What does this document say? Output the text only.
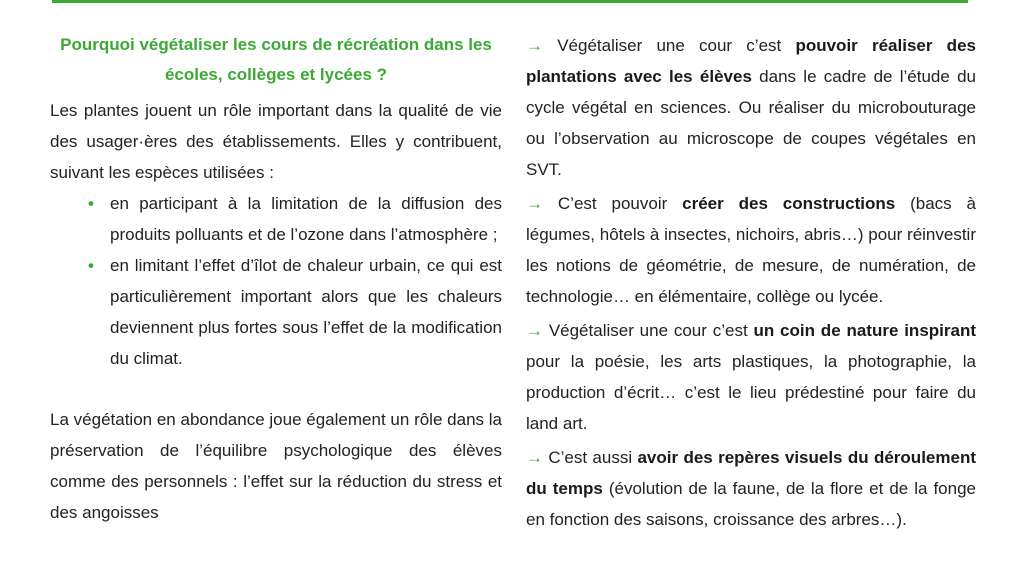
Pourquoi végétaliser les cours de récréation dans les écoles, collèges et lycées ?

Les plantes jouent un rôle important dans la qualité de vie des usager·ères des établissements. Elles y contribuent, suivant les espèces utilisées :

• en participant à la limitation de la diffusion des produits polluants et de l’ozone dans l’atmosphère ;
• en limitant l’effet d’îlot de chaleur urbain, ce qui est particulièrement important alors que les chaleurs deviennent plus fortes sous l’effet de la modification du climat.

La végétation en abondance joue également un rôle dans la préservation de l’équilibre psychologique des élèves comme des personnels : l’effet sur la réduction du stress et des angoisses

→ Végétaliser une cour c’est pouvoir réaliser des plantations avec les élèves dans le cadre de l’étude du cycle végétal en sciences. Ou réaliser du microbouturage ou l’observation au microscope de coupes végétales en SVT.

→ C’est pouvoir créer des constructions (bacs à légumes, hôtels à insectes, nichoirs, abris…) pour réinvestir les notions de géométrie, de mesure, de numération, de technologie… en élémentaire, collège ou lycée.

→ Végétaliser une cour c’est un coin de nature inspirant pour la poésie, les arts plastiques, la photographie, la production d’écrit… c’est le lieu prédestiné pour faire du land art.

→ C’est aussi avoir des repères visuels du déroulement du temps (évolution de la faune, de la flore et de la fonge en fonction des saisons, croissance des arbres…).
